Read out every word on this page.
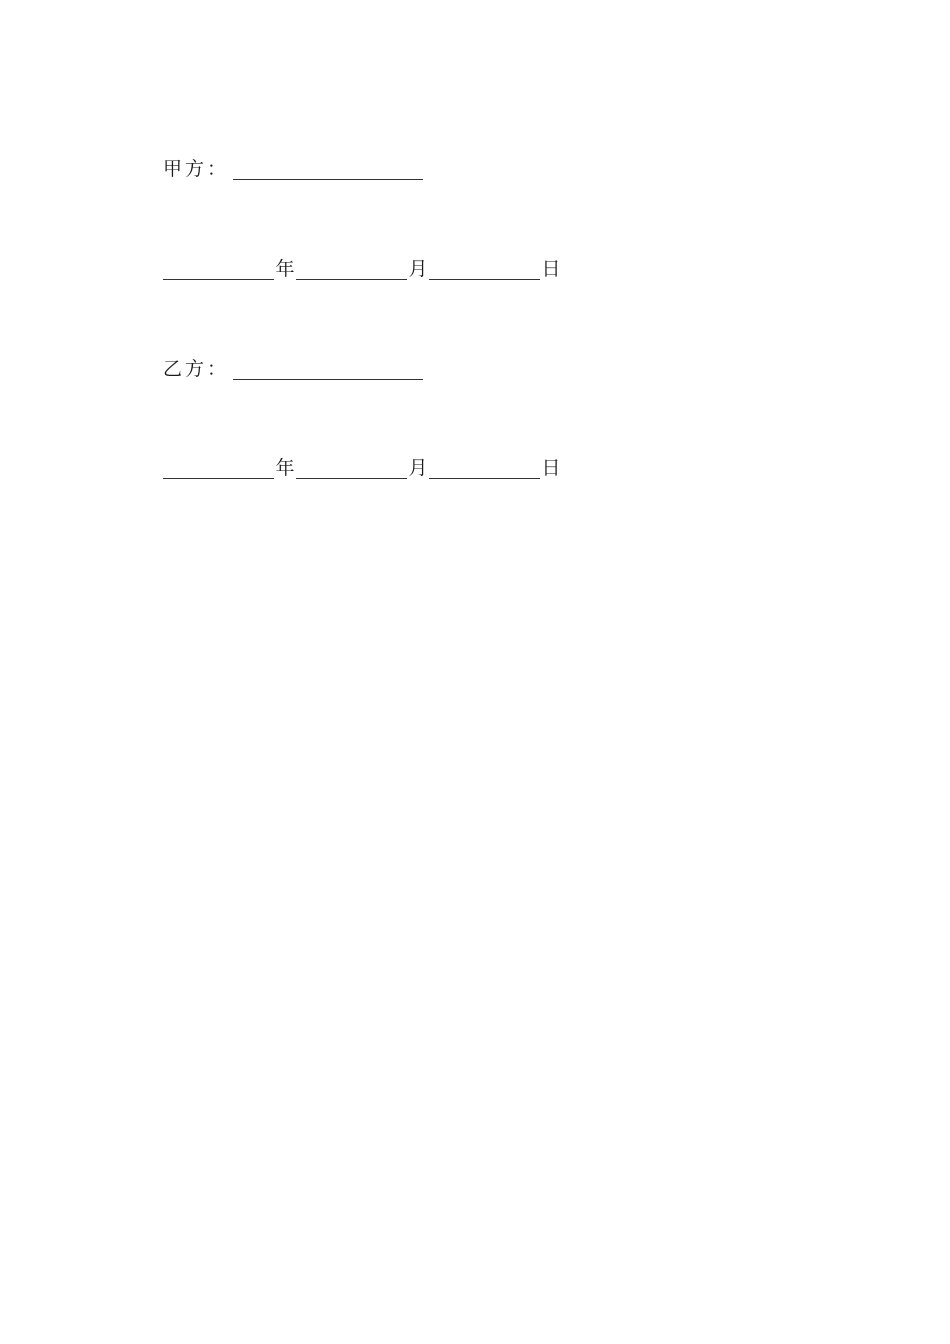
甲方 ：
年	月	日
乙方 ：
年	月	日
